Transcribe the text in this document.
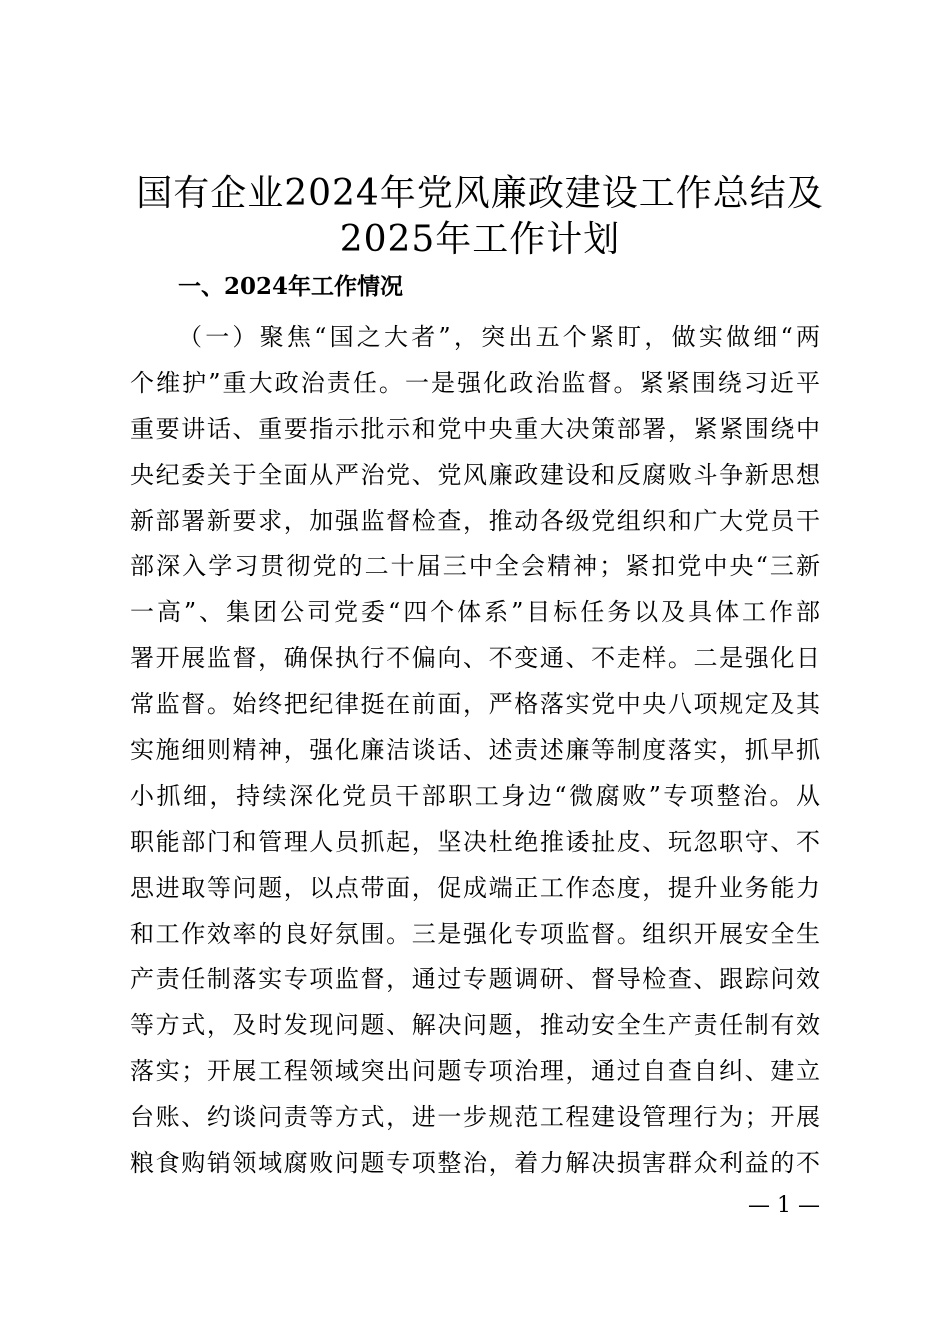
国有企业2024年党风廉政建设工作总结及
2025年工作计划
一、2024年工作情况
（一）聚焦“国之大者”，突出五个紧盯，做实做细“两
个维护”重大政治责任。一是强化政治监督。紧紧围绕习近平
重要讲话、重要指示批示和党中央重大决策部署，紧紧围绕中
央纪委关于全面从严治党、党风廉政建设和反腐败斗争新思想
新部署新要求，加强监督检查，推动各级党组织和广大党员干
部深入学习贯彻党的二十届三中全会精神；紧扣党中央“三新
一高”、集团公司党委“四个体系”目标任务以及具体工作部
署开展监督，确保执行不偏向、不变通、不走样。二是强化日
常监督。始终把纪律挺在前面，严格落实党中央八项规定及其
实施细则精神，强化廉洁谈话、述责述廉等制度落实，抓早抓
小抓细，持续深化党员干部职工身边“微腐败”专项整治。从
职能部门和管理人员抓起，坚决杜绝推诿扯皮、玩忽职守、不
思进取等问题，以点带面，促成端正工作态度，提升业务能力
和工作效率的良好氛围。三是强化专项监督。组织开展安全生
产责任制落实专项监督，通过专题调研、督导检查、跟踪问效
等方式，及时发现问题、解决问题，推动安全生产责任制有效
落实；开展工程领域突出问题专项治理，通过自查自纠、建立
台账、约谈问责等方式，进一步规范工程建设管理行为；开展
粮食购销领域腐败问题专项整治，着力解决损害群众利益的不
— 1 —
